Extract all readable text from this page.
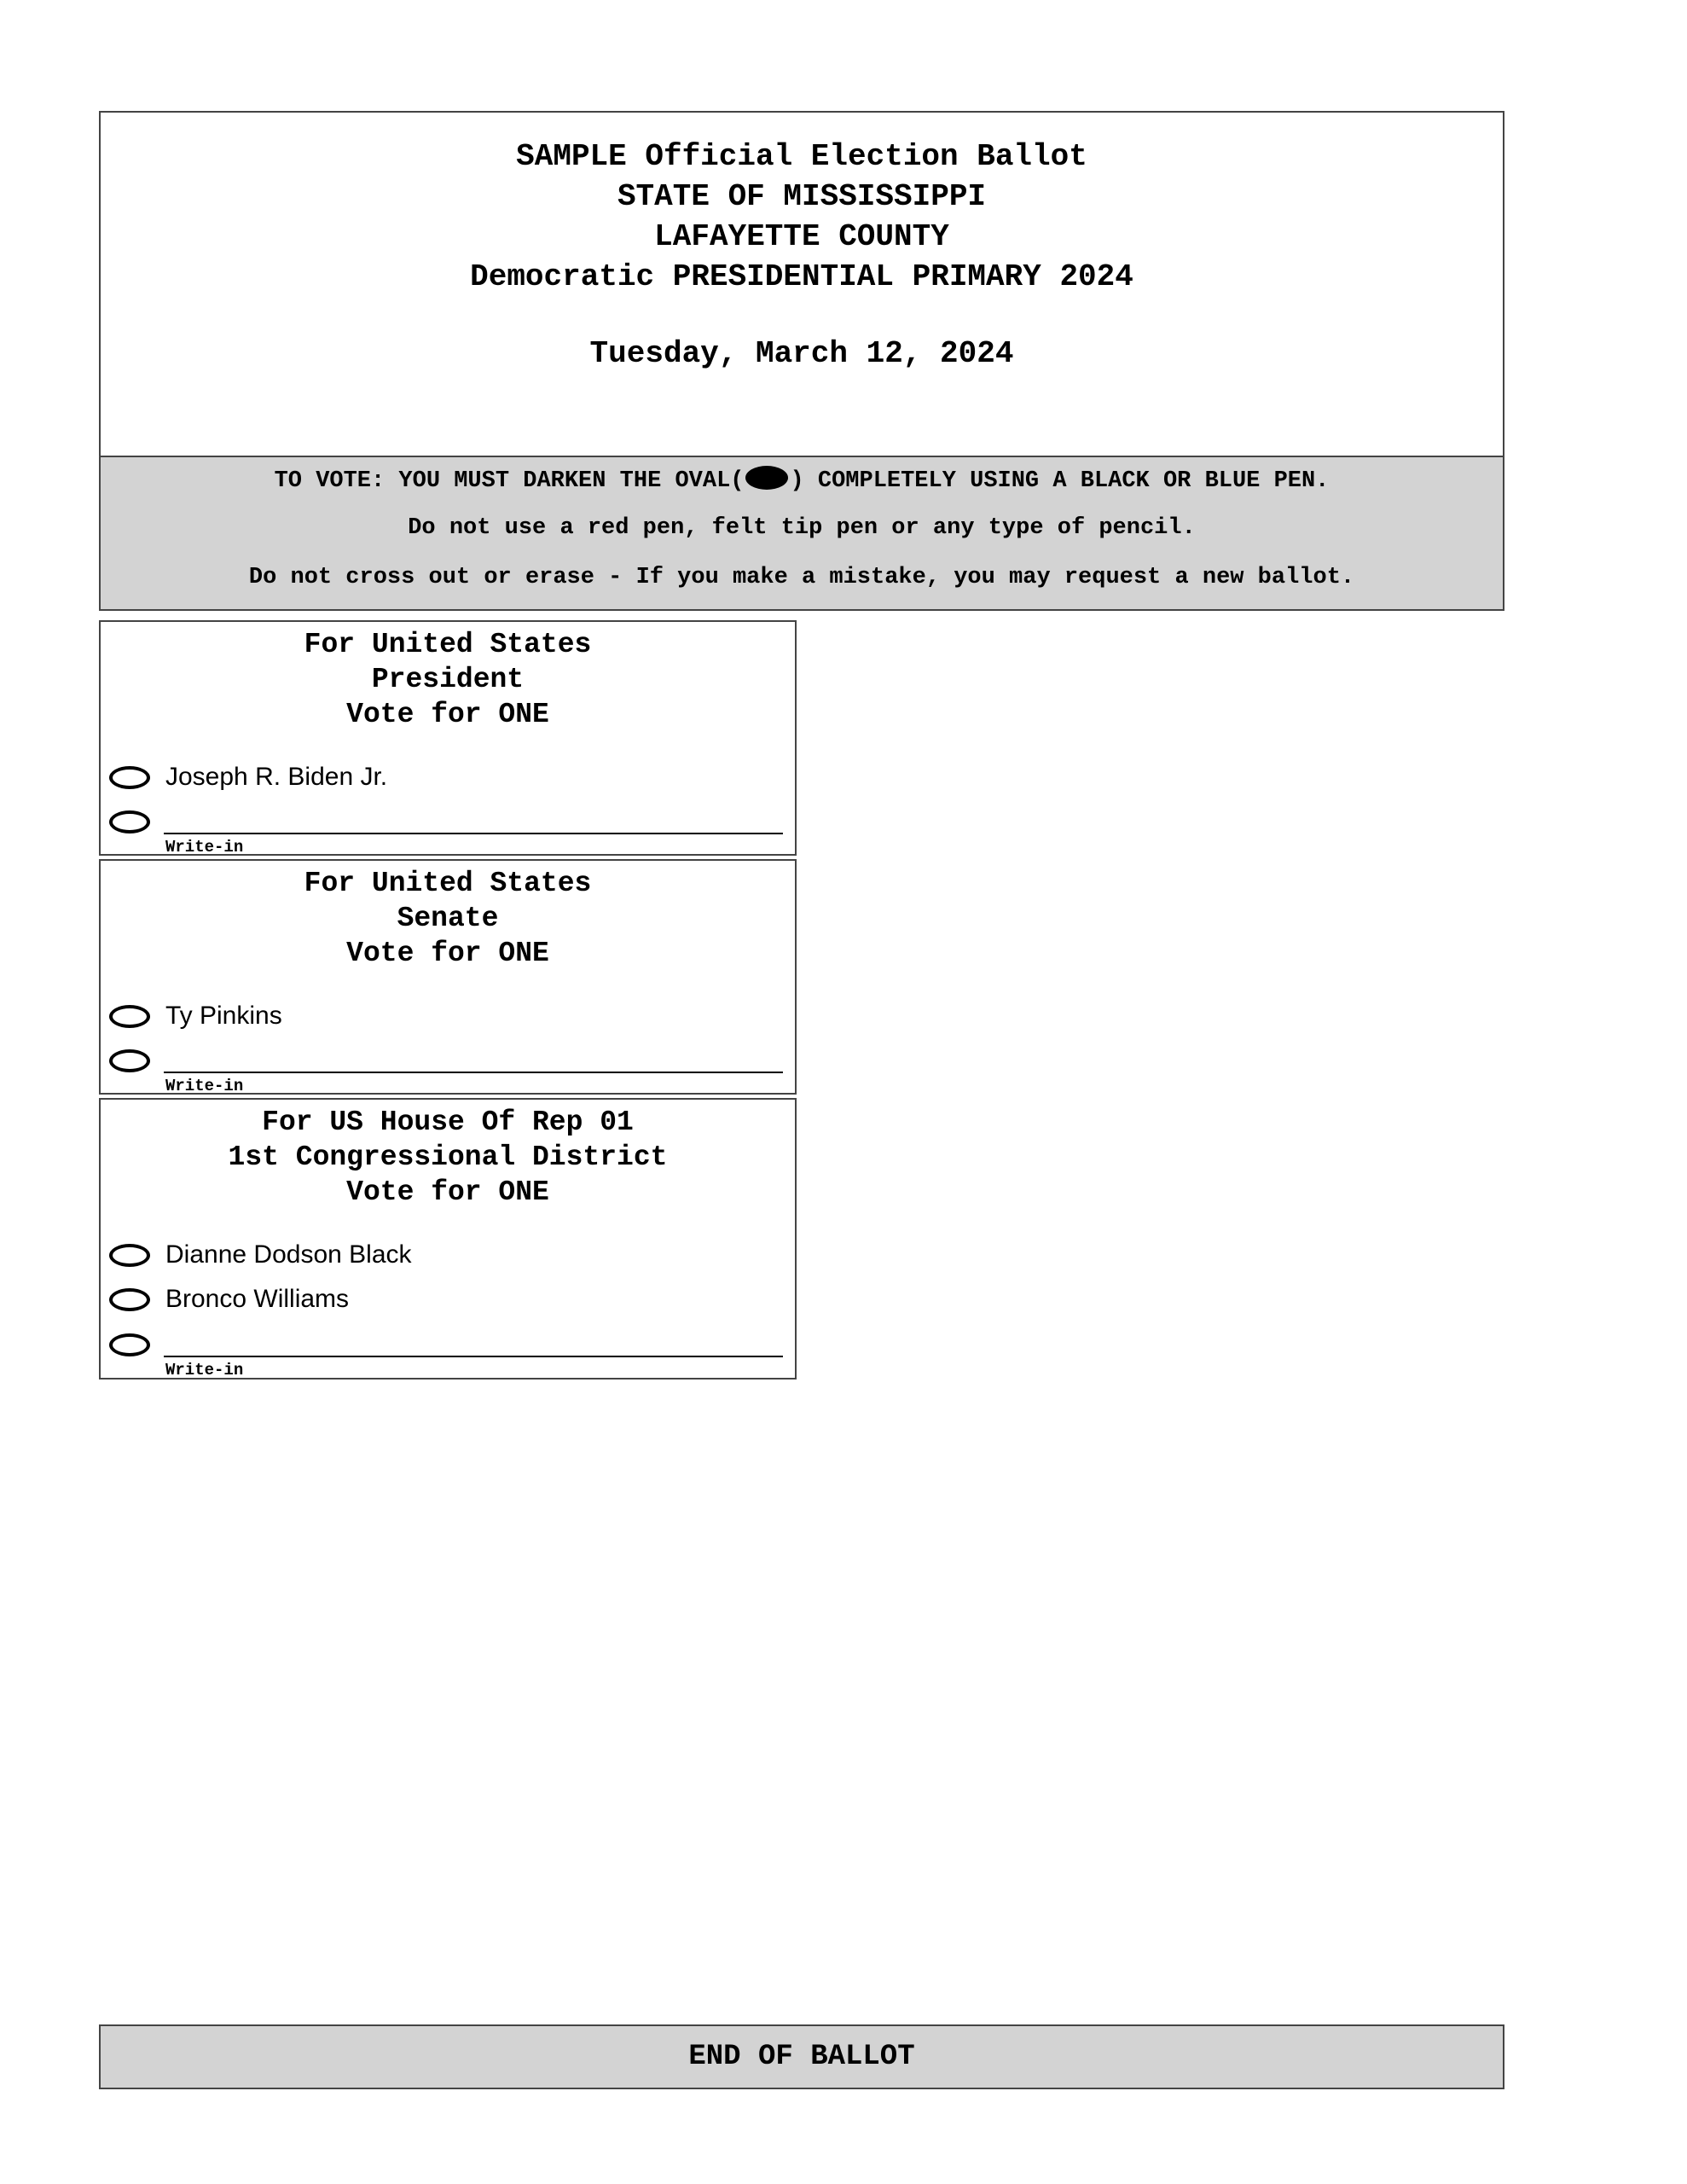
SAMPLE Official Election Ballot
STATE OF MISSISSIPPI
LAFAYETTE COUNTY
Democratic PRESIDENTIAL PRIMARY 2024
Tuesday, March 12, 2024
TO VOTE: YOU MUST DARKEN THE OVAL( ) COMPLETELY USING A BLACK OR BLUE PEN.
Do not use a red pen, felt tip pen or any type of pencil.
Do not cross out or erase - If you make a mistake, you may request a new ballot.
For United States
President
Vote for ONE
Joseph R. Biden Jr.
Write-in
For United States
Senate
Vote for ONE
Ty Pinkins
Write-in
For US House Of Rep 01
1st Congressional District
Vote for ONE
Dianne Dodson Black
Bronco Williams
Write-in
END OF BALLOT
